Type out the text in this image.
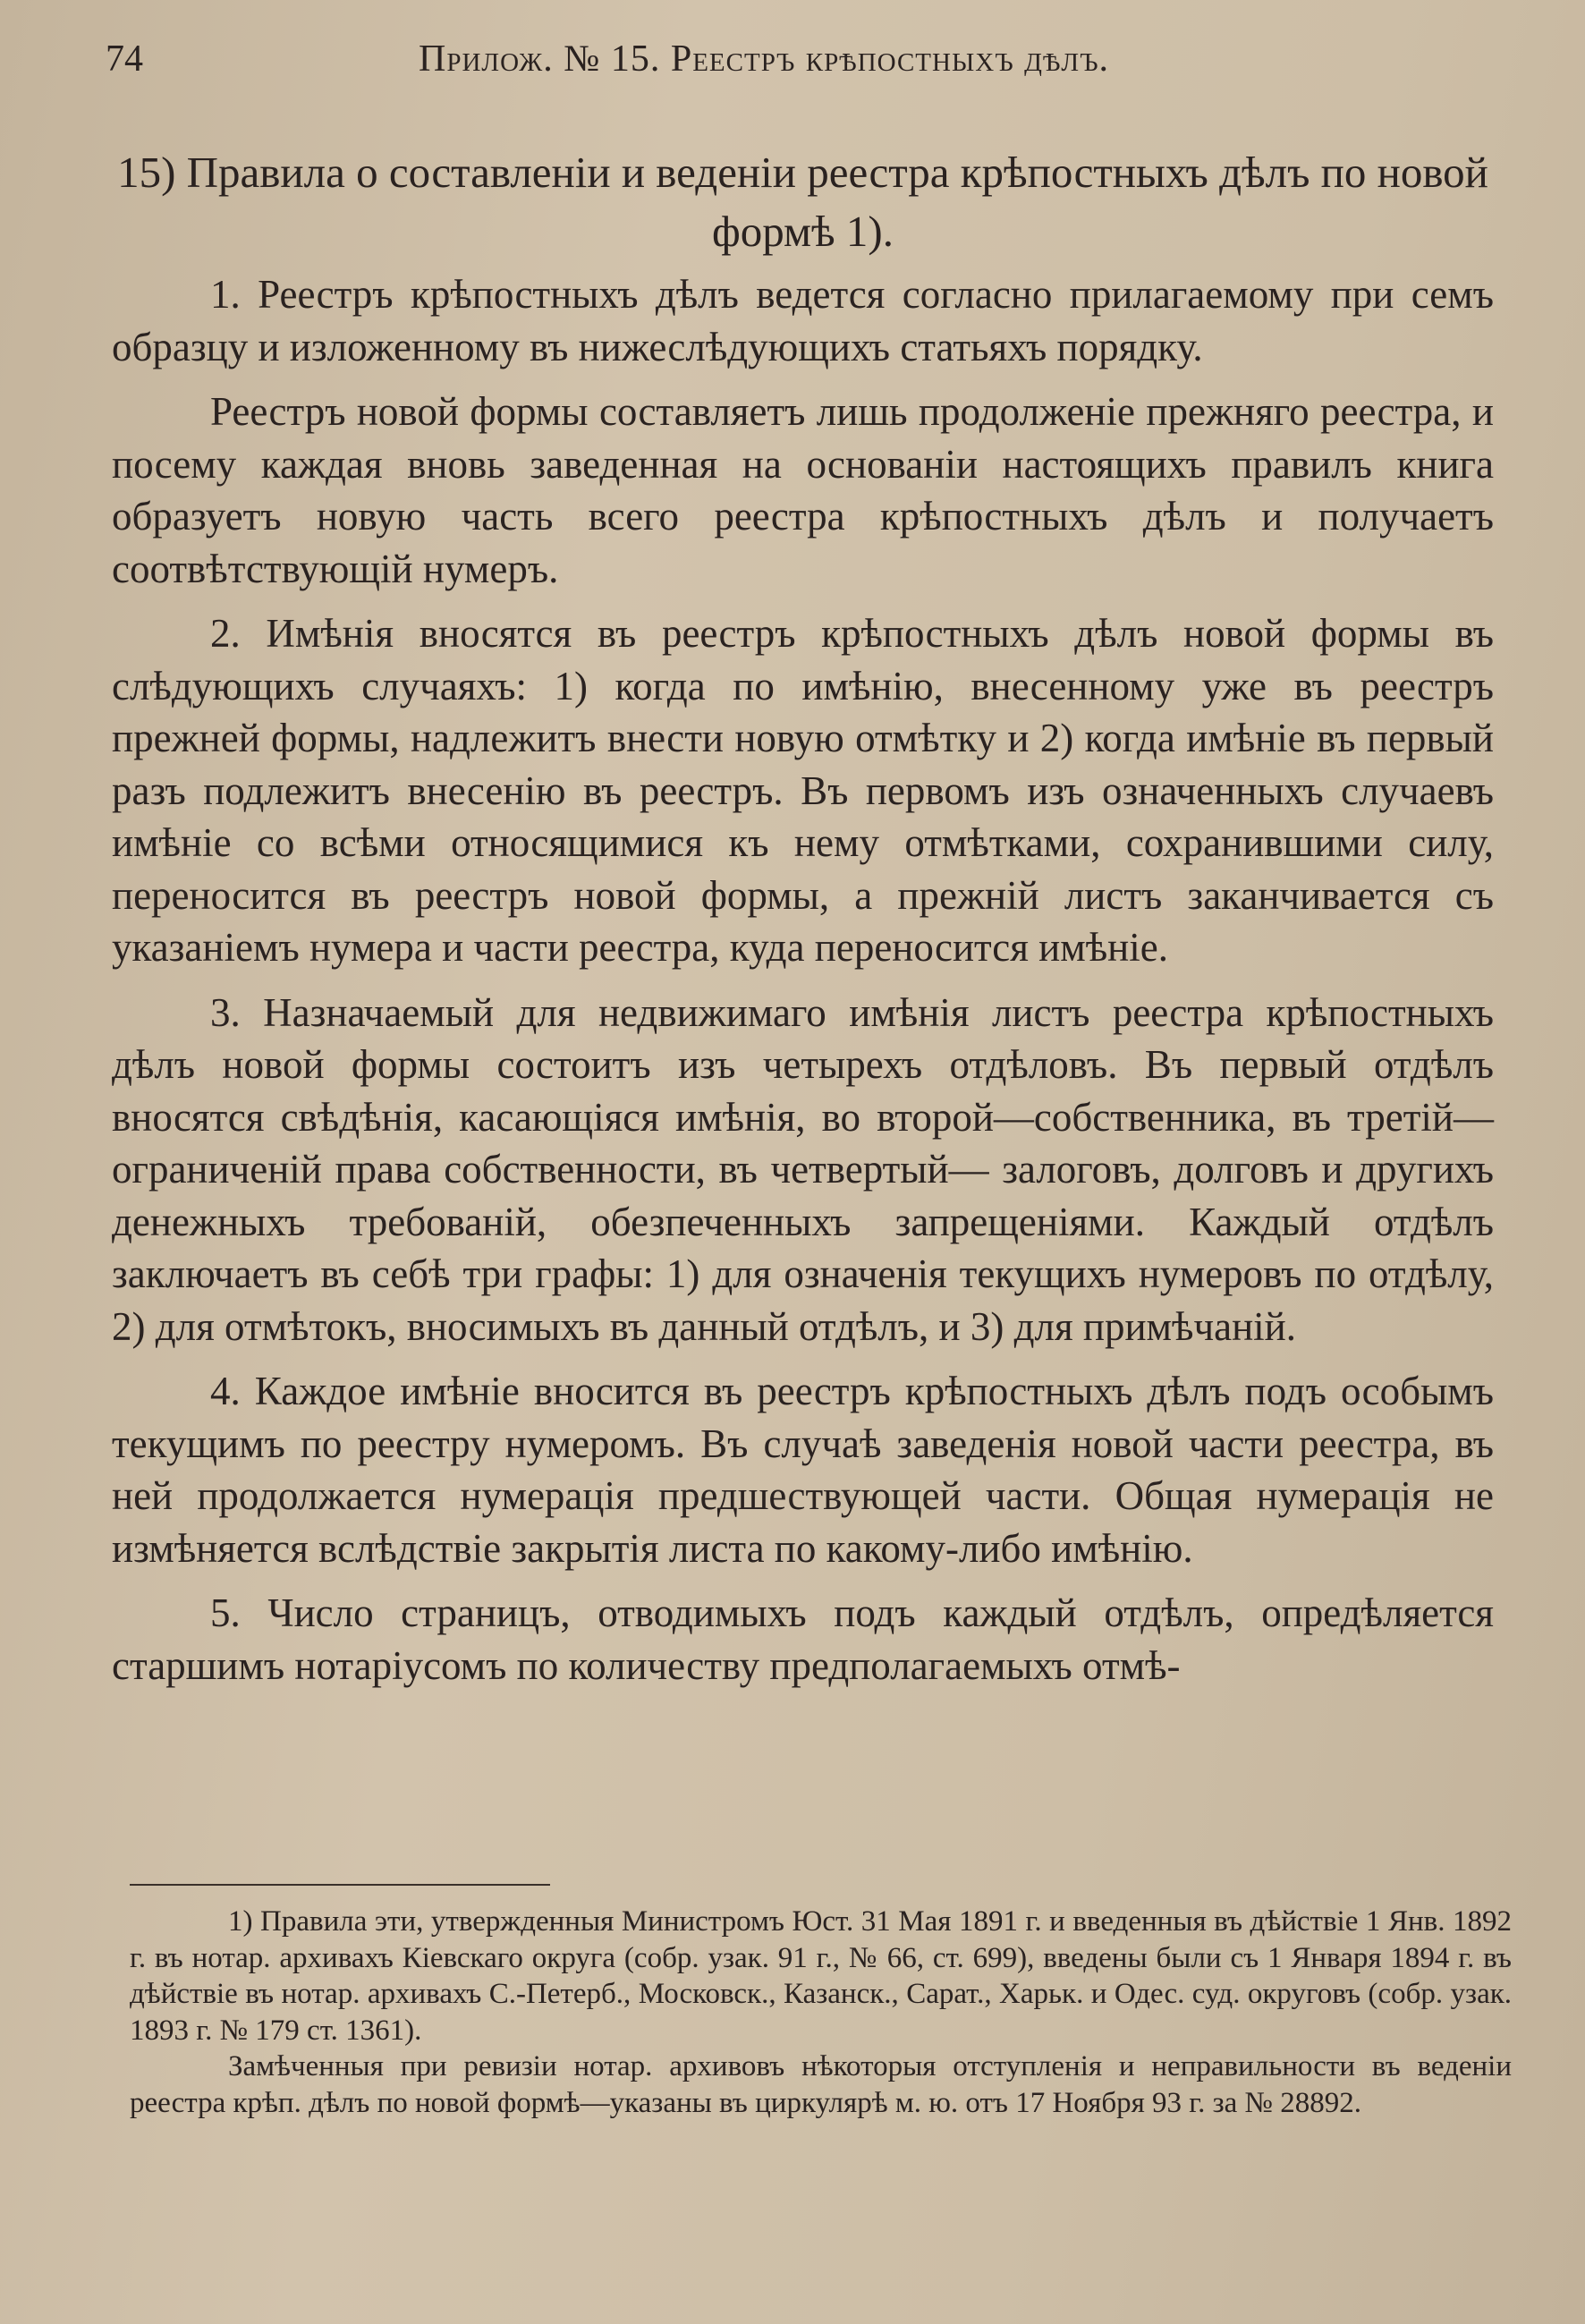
74	Прилож. № 15. Реестръ крѣпостныхъ дѣлъ.
15) Правила о составленіи и веденіи реестра крѣпостныхъ дѣлъ по новой формѣ 1).

1. Реестръ крѣпостныхъ дѣлъ ведется согласно прилагаемому при семъ образцу и изложенному въ нижеслѣдующихъ статьяхъ порядку.

Реестръ новой формы составляетъ лишь продолженіе прежняго реестра, и посему каждая вновь заведенная на основаніи настоящихъ правилъ книга образуетъ новую часть всего реестра крѣпостныхъ дѣлъ и получаетъ соотвѣтствующій нумеръ.

2. Имѣнія вносятся въ реестръ крѣпостныхъ дѣлъ новой формы въ слѣдующихъ случаяхъ: 1) когда по имѣнію, внесенному уже въ реестръ прежней формы, надлежитъ внести новую отмѣтку и 2) когда имѣніе въ первый разъ подлежитъ внесенію въ реестръ. Въ первомъ изъ означенныхъ случаевъ имѣніе со всѣми относящимися къ нему отмѣтками, сохранившими силу, переносится въ реестръ новой формы, а прежній листъ заканчивается съ указаніемъ нумера и части реестра, куда переносится имѣніе.

3. Назначаемый для недвижимаго имѣнія листъ реестра крѣпостныхъ дѣлъ новой формы состоитъ изъ четырехъ отдѣловъ. Въ первый отдѣлъ вносятся свѣдѣнія, касающіяся имѣнія, во второй—собственника, въ третій—ограниченій права собственности, въ четвертый— залоговъ, долговъ и другихъ денежныхъ требованій, обезпеченныхъ запрещеніями. Каждый отдѣлъ заключаетъ въ себѣ три графы: 1) для означенія текущихъ нумеровъ по отдѣлу, 2) для отмѣтокъ, вносимыхъ въ данный отдѣлъ, и 3) для примѣчаній.

4. Каждое имѣніе вносится въ реестръ крѣпостныхъ дѣлъ подъ особымъ текущимъ по реестру нумеромъ. Въ случаѣ заведенія новой части реестра, въ ней продолжается нумерація предшествующей части. Общая нумерація не измѣняется вслѣдствіе закрытія листа по какому-либо имѣнію.

5. Число страницъ, отводимыхъ подъ каждый отдѣлъ, опредѣляется старшимъ нотаріусомъ по количеству предполагаемыхъ отмѣ-

1) Правила эти, утвержденныя Министромъ Юст. 31 Мая 1891 г. и введенныя въ дѣйствіе 1 Янв. 1892 г. въ нотар. архивахъ Кіевскаго округа (собр. узак. 91 г., № 66, ст. 699), введены были съ 1 Января 1894 г. въ дѣйствіе въ нотар. архивахъ С.-Петерб., Московск., Казанск., Сарат., Харьк. и Одес. суд. округовъ (собр. узак. 1893 г. № 179 ст. 1361).

Замѣченныя при ревизіи нотар. архивовъ нѣкоторыя отступленія и неправильности въ веденіи реестра крѣп. дѣлъ по новой формѣ—указаны въ циркулярѣ м. ю. отъ 17 Ноября 93 г. за № 28892.
